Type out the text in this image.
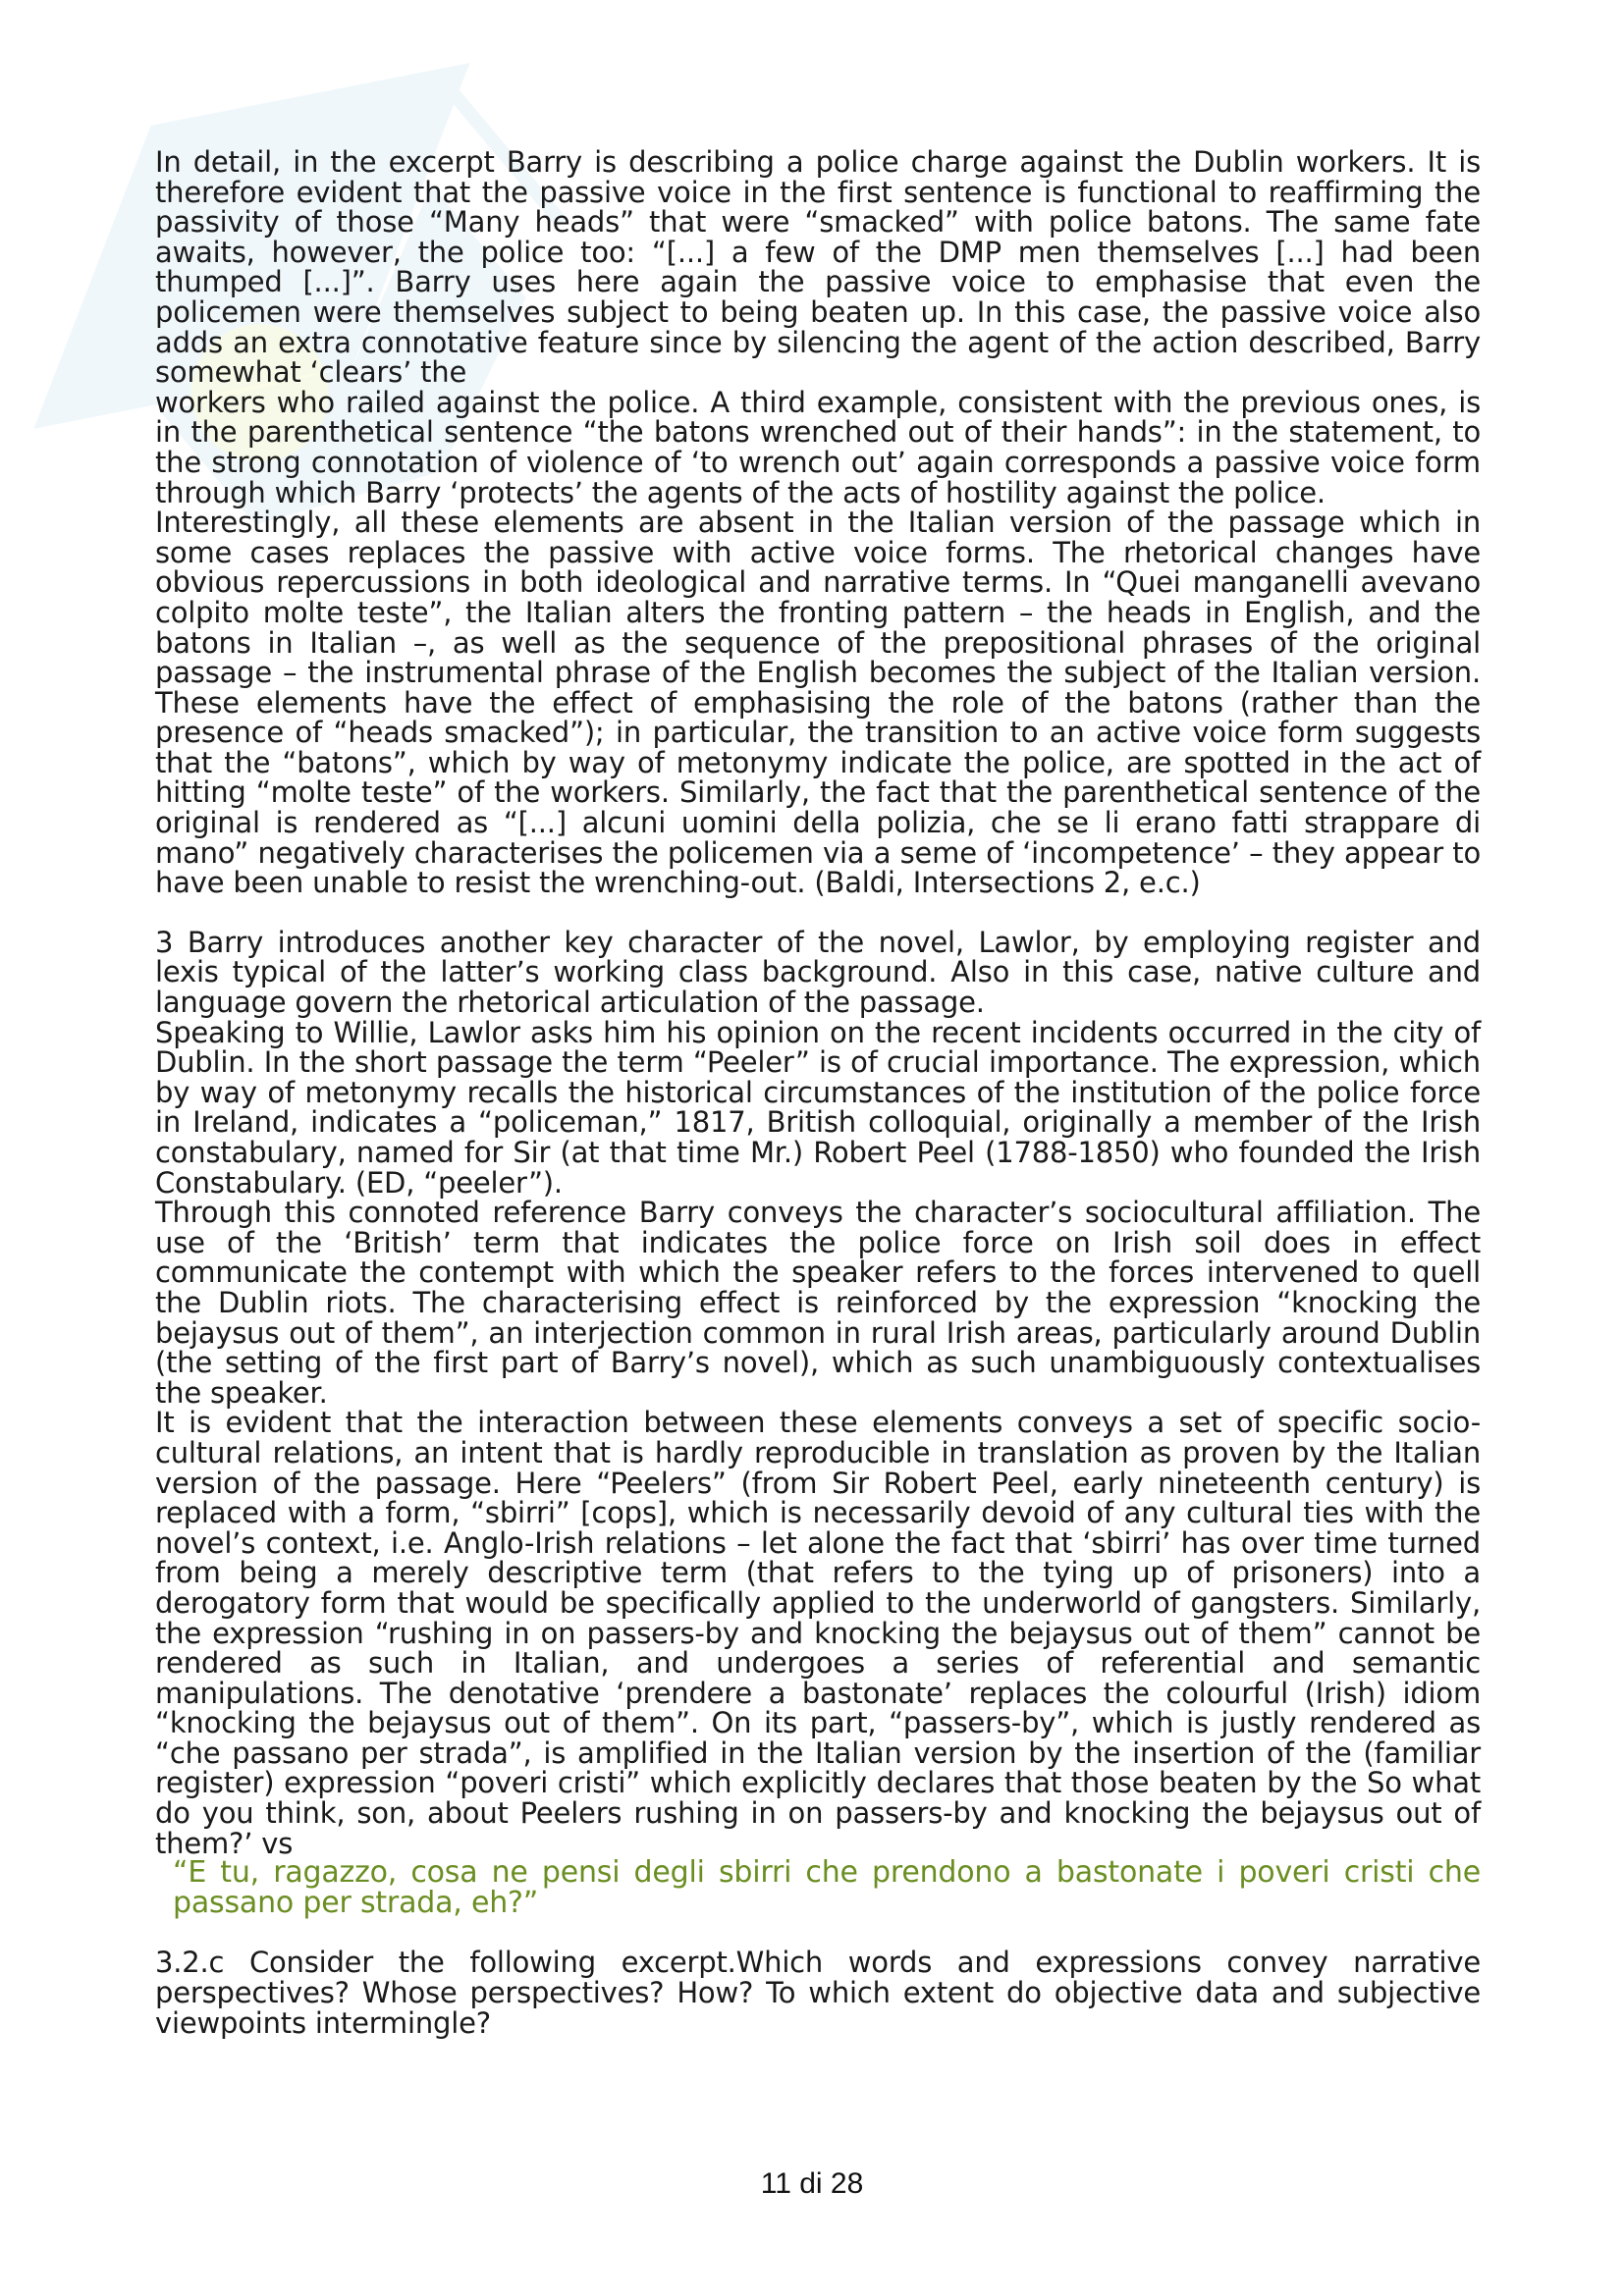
In detail, in the excerpt Barry is describing a police charge against the Dublin workers. It is therefore evident that the passive voice in the first sentence is functional to reaffirming the passivity of those “Many heads” that were “smacked” with police batons. The same fate awaits, however, the police too: “[...] a few of the DMP men themselves [...] had been thumped [...]”. Barry uses here again the passive voice to emphasise that even the policemen were themselves subject to being beaten up. In this case, the passive voice also adds an extra connotative feature since by silencing the agent of the action described, Barry somewhat ‘clears’ the

workers who railed against the police. A third example, consistent with the previous ones, is in the parenthetical sentence “the batons wrenched out of their hands”: in the statement, to the strong connotation of violence of ‘to wrench out’ again corresponds a passive voice form through which Barry ‘protects’ the agents of the acts of hostility against the police.

Interestingly, all these elements are absent in the Italian version of the passage which in some cases replaces the passive with active voice forms. The rhetorical changes have obvious repercussions in both ideological and narrative terms. In “Quei manganelli avevano colpito molte teste”, the Italian alters the fronting pattern – the heads in English, and the batons in Italian –, as well as the sequence of the prepositional phrases of the original passage – the instrumental phrase of the English becomes the subject of the Italian version. These elements have the effect of emphasising the role of the batons (rather than the presence of “heads smacked”); in particular, the transition to an active voice form suggests that the “batons”, which by way of metonymy indicate the police, are spotted in the act of hitting “molte teste” of the workers. Similarly, the fact that the parenthetical sentence of the original is rendered as “[...] alcuni uomini della polizia, che se li erano fatti strappare di mano” negatively characterises the policemen via a seme of ‘incompetence’ – they appear to have been unable to resist the wrenching-out. (Baldi, Intersections 2, e.c.)

3 Barry introduces another key character of the novel, Lawlor, by employing register and lexis typical of the latter’s working class background. Also in this case, native culture and language govern the rhetorical articulation of the passage.

Speaking to Willie, Lawlor asks him his opinion on the recent incidents occurred in the city of Dublin. In the short passage the term “Peeler” is of crucial importance. The expression, which by way of metonymy recalls the historical circumstances of the institution of the police force in Ireland, indicates a “policeman,” 1817, British colloquial, originally a member of the Irish constabulary, named for Sir (at that time Mr.) Robert Peel (1788-1850) who founded the Irish Constabulary. (ED, “peeler”).

Through this connoted reference Barry conveys the character’s sociocultural affiliation. The use of the ‘British’ term that indicates the police force on Irish soil does in effect communicate the contempt with which the speaker refers to the forces intervened to quell the Dublin riots. The characterising effect is reinforced by the expression “knocking the bejaysus out of them”, an interjection common in rural Irish areas, particularly around Dublin (the setting of the first part of Barry’s novel), which as such unambiguously contextualises the speaker.

It is evident that the interaction between these elements conveys a set of specific socio-cultural relations, an intent that is hardly reproducible in translation as proven by the Italian version of the passage. Here “Peelers” (from Sir Robert Peel, early nineteenth century) is replaced with a form, “sbirri” [cops], which is necessarily devoid of any cultural ties with the novel’s context, i.e. Anglo-Irish relations – let alone the fact that ‘sbirri’ has over time turned from being a merely descriptive term (that refers to the tying up of prisoners) into a derogatory form that would be specifically applied to the underworld of gangsters. Similarly, the expression “rushing in on passers-by and knocking the bejaysus out of them” cannot be rendered as such in Italian, and undergoes a series of referential and semantic manipulations. The denotative ‘prendere a bastonate’ replaces the colourful (Irish) idiom “knocking the bejaysus out of them”. On its part, “passers-by”, which is justly rendered as “che passano per strada”, is amplified in the Italian version by the insertion of the (familiar register) expression “poveri cristi” which explicitly declares that those beaten by the So what do you think, son, about Peelers rushing in on passers-by and knocking the bejaysus out of them?’ vs

“E tu, ragazzo, cosa ne pensi degli sbirri che prendono a bastonate i poveri cristi che passano per strada, eh?”

3.2.c Consider the following excerpt.Which words and expressions convey narrative perspectives? Whose perspectives? How? To which extent do objective data and subjective viewpoints intermingle?

11 di 28
